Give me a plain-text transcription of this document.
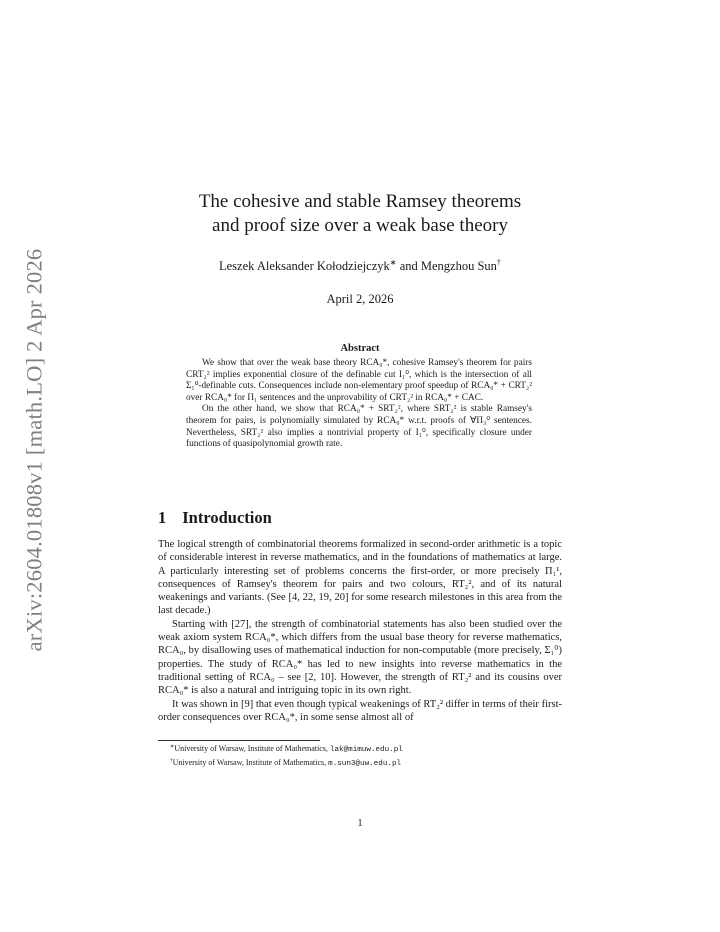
arXiv:2604.01808v1 [math.LO] 2 Apr 2026
The cohesive and stable Ramsey theorems
and proof size over a weak base theory
Leszek Aleksander Kołodziejczyk∗ and Mengzhou Sun†
April 2, 2026
Abstract

We show that over the weak base theory RCA₀*, cohesive Ramsey's theorem for pairs CRT₂² implies exponential closure of the definable cut I₁⁰, which is the intersection of all Σ₁⁰-definable cuts. Consequences include non-elementary proof speedup of RCA₀* + CRT₂² over RCA₀* for Π₁ sentences and the unprovability of CRT₂² in RCA₀* + CAC.

On the other hand, we show that RCA₀* + SRT₂², where SRT₂² is stable Ramsey's theorem for pairs, is polynomially simulated by RCA₀* w.r.t. proofs of ∀Π₃⁰ sentences. Nevertheless, SRT₂² also implies a nontrivial property of I₁⁰, specifically closure under functions of quasipolynomial growth rate.

1 Introduction

The logical strength of combinatorial theorems formalized in second-order arithmetic is a topic of considerable interest in reverse mathematics, and in the foundations of mathematics at large. A particularly interesting set of problems concerns the first-order, or more precisely Π₁¹, consequences of Ramsey's theorem for pairs and two colours, RT₂², and of its natural weakenings and variants. (See [4, 22, 19, 20] for some research milestones in this area from the last decade.)

Starting with [27], the strength of combinatorial statements has also been studied over the weak axiom system RCA₀*, which differs from the usual base theory for reverse mathematics, RCA₀, by disallowing uses of mathematical induction for non-computable (more precisely, Σ₁⁰) properties. The study of RCA₀* has led to new insights into reverse mathematics in the traditional setting of RCA₀ – see [2, 10]. However, the strength of RT₂² and its cousins over RCA₀* is also a natural and intriguing topic in its own right.

It was shown in [9] that even though typical weakenings of RT₂² differ in terms of their first-order consequences over RCA₀*, in some sense almost all of

∗University of Warsaw, Institute of Mathematics, lak@mimuw.edu.pl
†University of Warsaw, Institute of Mathematics, m.sun3@uw.edu.pl
1
